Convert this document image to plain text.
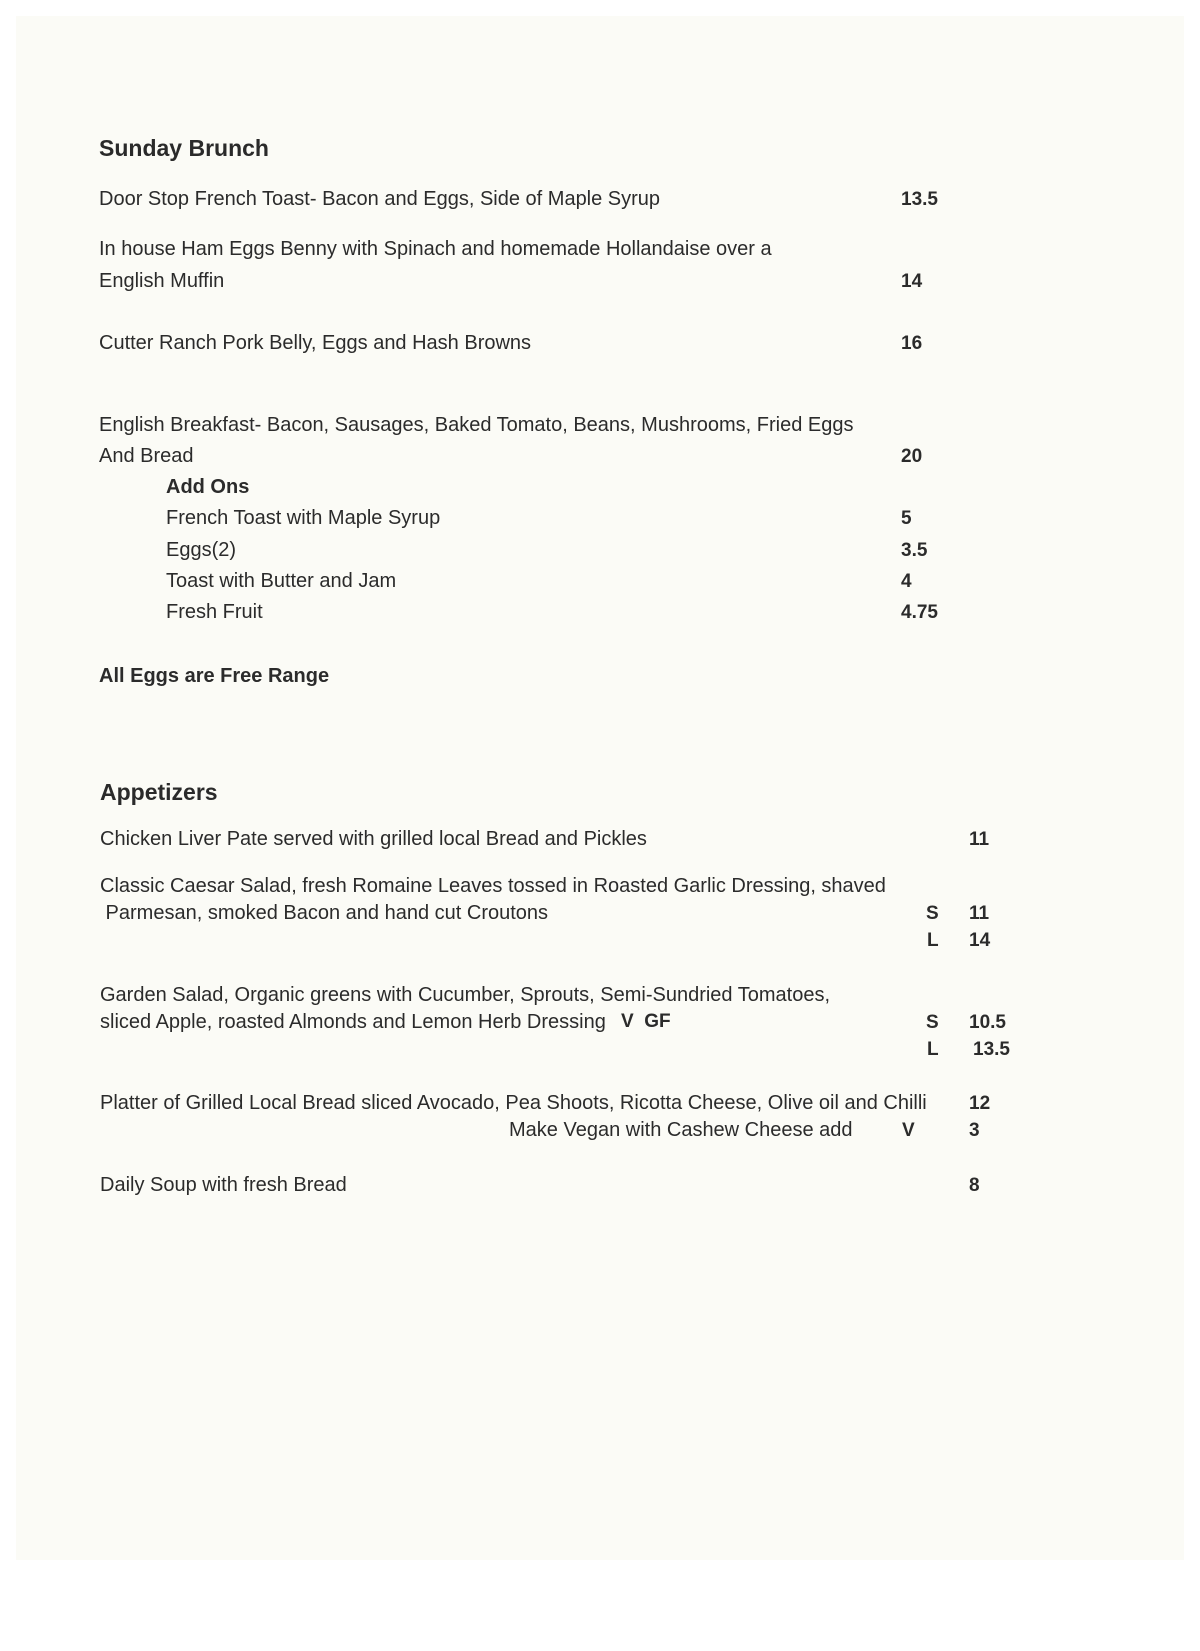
Sunday Brunch
Door Stop French Toast- Bacon and Eggs, Side of Maple Syrup	13.5
In house Ham Eggs Benny with Spinach and homemade Hollandaise over a
English Muffin	14
Cutter Ranch Pork Belly, Eggs and Hash Browns	16
English Breakfast- Bacon, Sausages, Baked Tomato, Beans, Mushrooms, Fried Eggs
And Bread	20
Add Ons
French Toast with Maple Syrup	5
Eggs(2)	3.5
Toast with Butter and Jam	4
Fresh Fruit	4.75
All Eggs are Free Range
Appetizers
Chicken Liver Pate served with grilled local Bread and Pickles	11
Classic Caesar Salad, fresh Romaine Leaves tossed in Roasted Garlic Dressing, shaved
Parmesan, smoked Bacon and hand cut Croutons	S 11
L 14
Garden Salad, Organic greens with Cucumber, Sprouts, Semi-Sundried Tomatoes,
sliced Apple, roasted Almonds and Lemon Herb Dressing V  GF	S 10.5
L 13.5
Platter of Grilled Local Bread sliced Avocado, Pea Shoots, Ricotta Cheese, Olive oil and Chilli 12
Make Vegan with Cashew Cheese add	V	3
Daily Soup with fresh Bread	8
